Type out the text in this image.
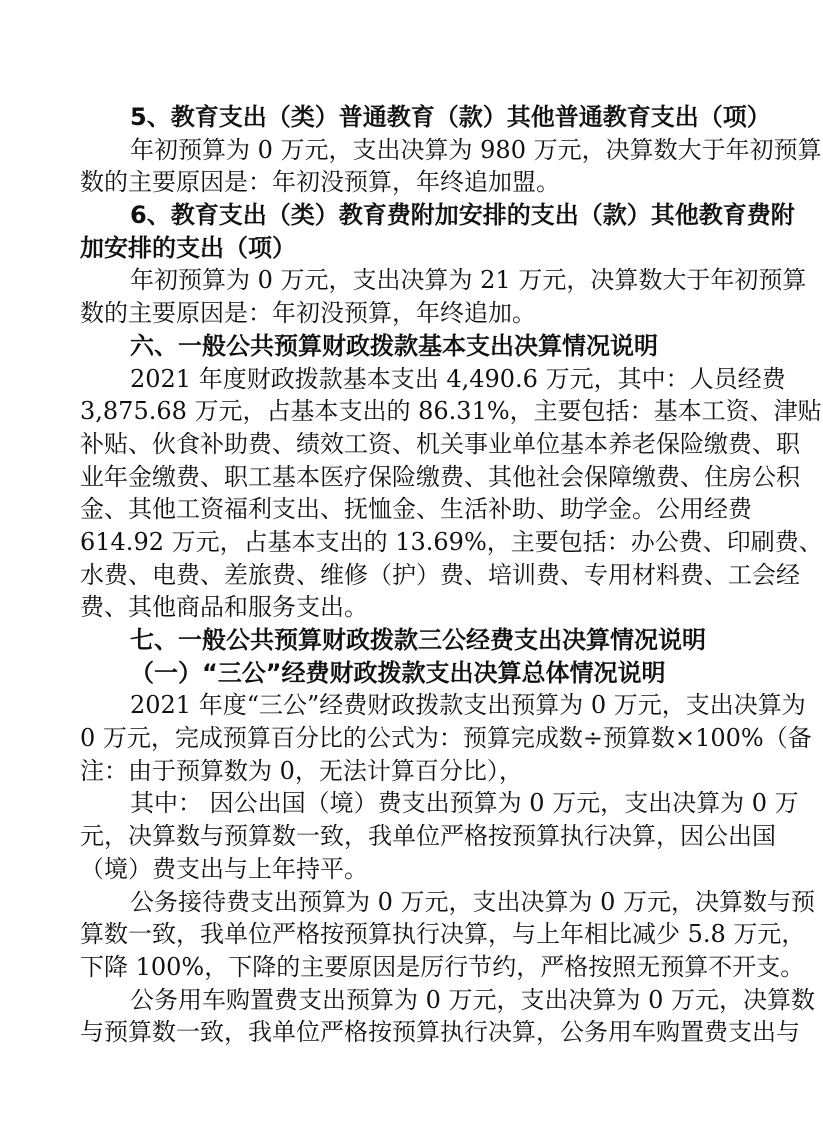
5、教育支出（类）普通教育（款）其他普通教育支出（项）
年初预算为 0 万元，支出决算为 980 万元，决算数大于年初预算
数的主要原因是：年初没预算，年终追加盟。
6、教育支出（类）教育费附加安排的支出（款）其他教育费附
加安排的支出（项）
年初预算为 0 万元，支出决算为 21 万元，决算数大于年初预算
数的主要原因是：年初没预算，年终追加。
六、一般公共预算财政拨款基本支出决算情况说明
2021 年度财政拨款基本支出 4,490.6 万元，其中：人员经费
3,875.68 万元，占基本支出的 86.31%，主要包括：基本工资、津贴
补贴、伙食补助费、绩效工资、机关事业单位基本养老保险缴费、职
业年金缴费、职工基本医疗保险缴费、其他社会保障缴费、住房公积
金、其他工资福利支出、抚恤金、生活补助、助学金。公用经费
614.92 万元，占基本支出的 13.69%，主要包括：办公费、印刷费、
水费、电费、差旅费、维修（护）费、培训费、专用材料费、工会经
费、其他商品和服务支出。
七、一般公共预算财政拨款三公经费支出决算情况说明
（一）“三公”经费财政拨款支出决算总体情况说明
2021 年度“三公”经费财政拨款支出预算为 0 万元，支出决算为
0 万元，完成预算百分比的公式为：预算完成数÷预算数×100%（备
注：由于预算数为 0，无法计算百分比），
其中： 因公出国（境）费支出预算为 0 万元，支出决算为 0 万
元，决算数与预算数一致，我单位严格按预算执行决算，因公出国
（境）费支出与上年持平。
公务接待费支出预算为 0 万元，支出决算为 0 万元，决算数与预
算数一致，我单位严格按预算执行决算，与上年相比减少 5.8 万元，
下降 100%，下降的主要原因是厉行节约，严格按照无预算不开支。
公务用车购置费支出预算为 0 万元，支出决算为 0 万元，决算数
与预算数一致，我单位严格按预算执行决算，公务用车购置费支出与
